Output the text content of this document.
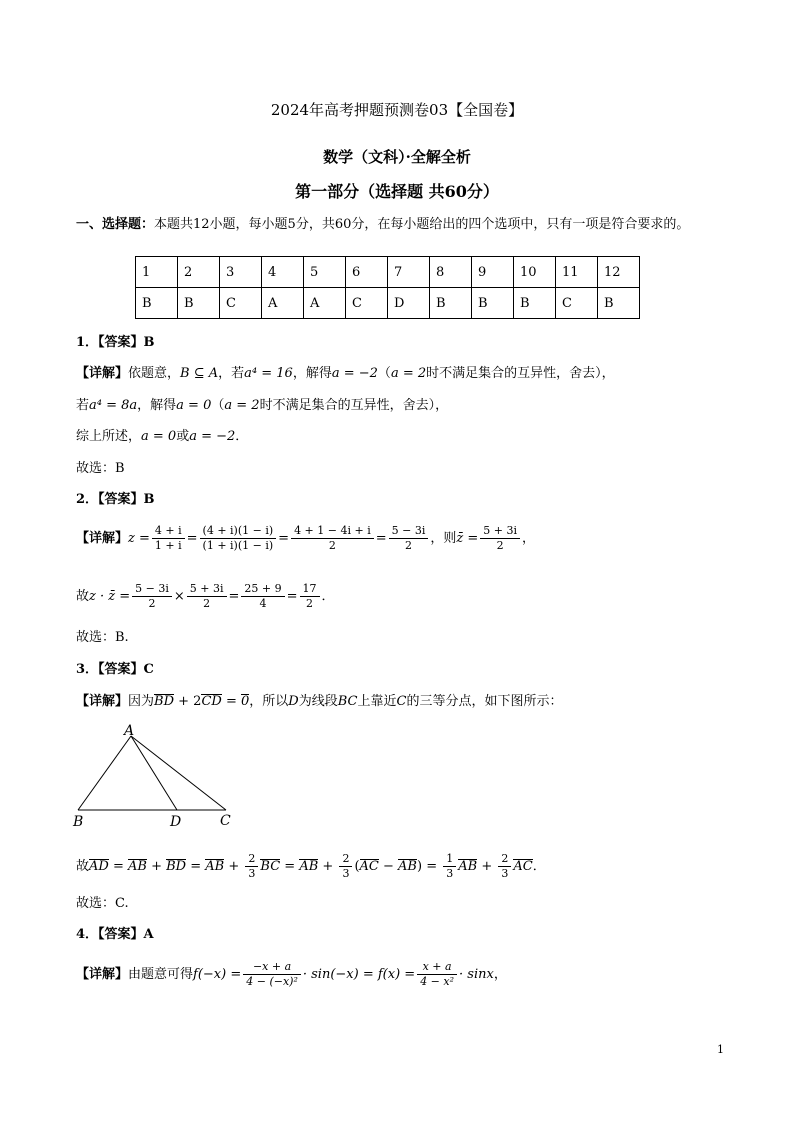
2024年高考押题预测卷03【全国卷】
数学（文科）·全解全析
第一部分（选择题 共60分）
一、选择题：本题共12小题，每小题5分，共60分，在每小题给出的四个选项中，只有一项是符合要求的。
1	2	3	4	5	6	7	8	9	10	11	12
B	B	C	A	A	C	D	B	B	B	C	B
1．【答案】B
【详解】依题意，B ⊆ A，若a⁴ = 16，解得a = −2（a = 2时不满足集合的互异性，舍去），
若a⁴ = 8a，解得a = 0（a = 2时不满足集合的互异性，舍去），
综上所述，a = 0或a = −2．
故选：B
2．【答案】B
【详解】$z = \frac{4 + i}{1 + i} = \frac{(4 + i)(1 - i)}{(1 + i)(1 - i)} = \frac{4 + 1 - 4i + i}{2} = \frac{5 - 3i}{2}$ ，则z̄ = $\frac{5 + 3i}{2}$ ，
故z · z̄ = $\frac{5 - 3i}{2} \times \frac{5 + 3i}{2} = \frac{25 + 9}{4} = \frac{17}{2}$ ．
故选：B.
3．【答案】C
【详解】因为BD + 2CD = 0，所以D为线段BC上靠近C的三等分点，如下图所示：
A
B	D	C
故AD = AB + BD = AB + $\frac{2}{3}$ BC = AB + $\frac{2}{3} (AC - AB) = \frac{1}{3}$ AB + $\frac{2}{3}$ AC．
故选：C.
4．【答案】A
【详解】由题意可得$f(-x) = \frac{-x + a}{\text{4 − (−x)²}} \cdot \sin(-x) = f(x) = \frac{x + a}{\text{4 − x²}} \cdot \sin x$，
1
